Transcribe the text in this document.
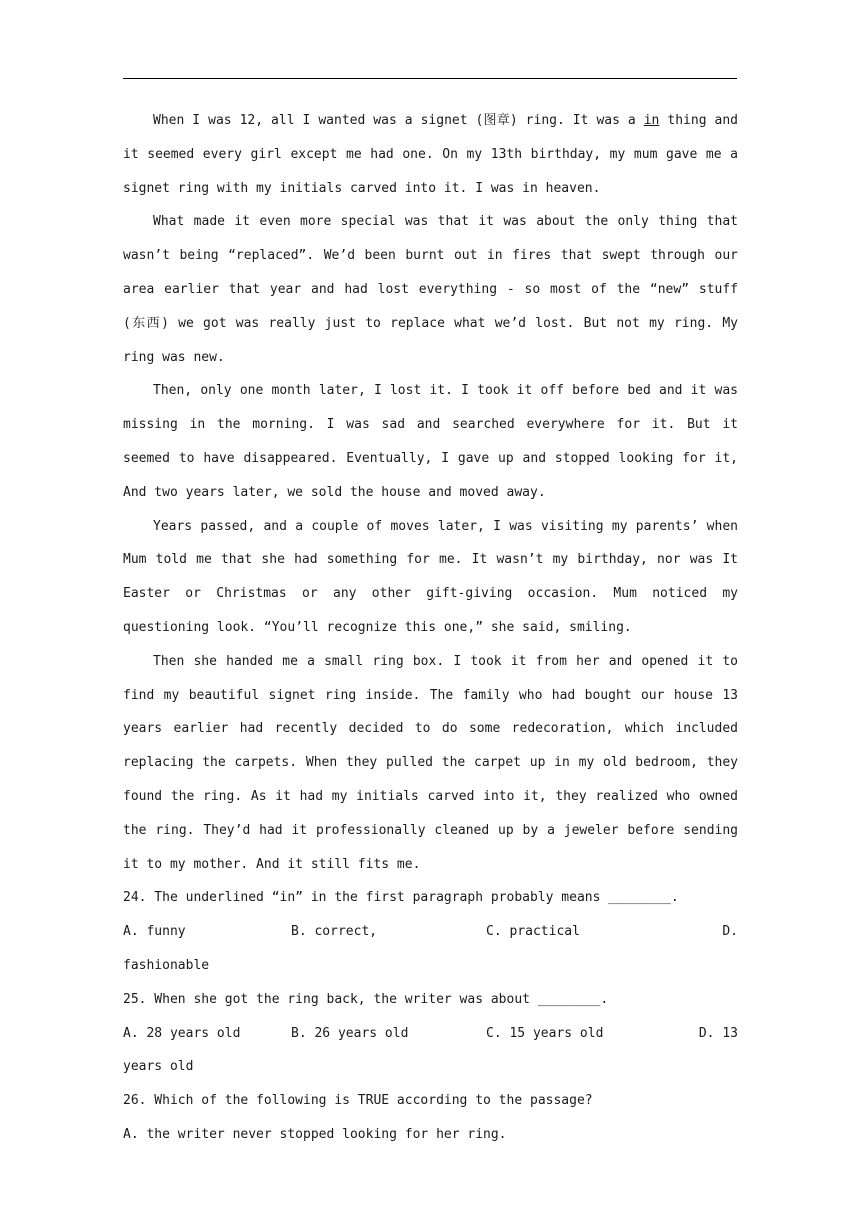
When I was 12, all I wanted was a signet (图章) ring. It was a in thing and it seemed every girl except me had one. On my 13th birthday, my mum gave me a signet ring with my initials carved into it. I was in heaven.

What made it even more special was that it was about the only thing that wasn’t being “replaced”. We’d been burnt out in fires that swept through our area earlier that year and had lost everything - so most of the “new” stuff (东西) we got was really just to replace what we’d lost. But not my ring. My ring was new.

Then, only one month later, I lost it. I took it off before bed and it was missing in the morning. I was sad and searched everywhere for it. But it seemed to have disappeared. Eventually, I gave up and stopped looking for it, And two years later, we sold the house and moved away.

Years passed, and a couple of moves later, I was visiting my parents’ when Mum told me that she had something for me. It wasn’t my birthday, nor was It Easter or Christmas or any other gift-giving occasion. Mum noticed my questioning look. “You’ll recognize this one,” she said, smiling.

Then she handed me a small ring box. I took it from her and opened it to find my beautiful signet ring inside. The family who had bought our house 13 years earlier had recently decided to do some redecoration, which included replacing the carpets. When they pulled the carpet up in my old bedroom, they found the ring. As it had my initials carved into it, they realized who owned the ring. They’d had it professionally cleaned up by a jeweler before sending it to my mother. And it still fits me.

24. The underlined “in” in the first paragraph probably means ________.

A. funny	B. correct,	C. practical	D.

fashionable

25. When she got the ring back, the writer was about ________.

A. 28 years old	B. 26 years old	C. 15 years old	D. 13

years old

26. Which of the following is TRUE according to the passage?

A. the writer never stopped looking for her ring.
